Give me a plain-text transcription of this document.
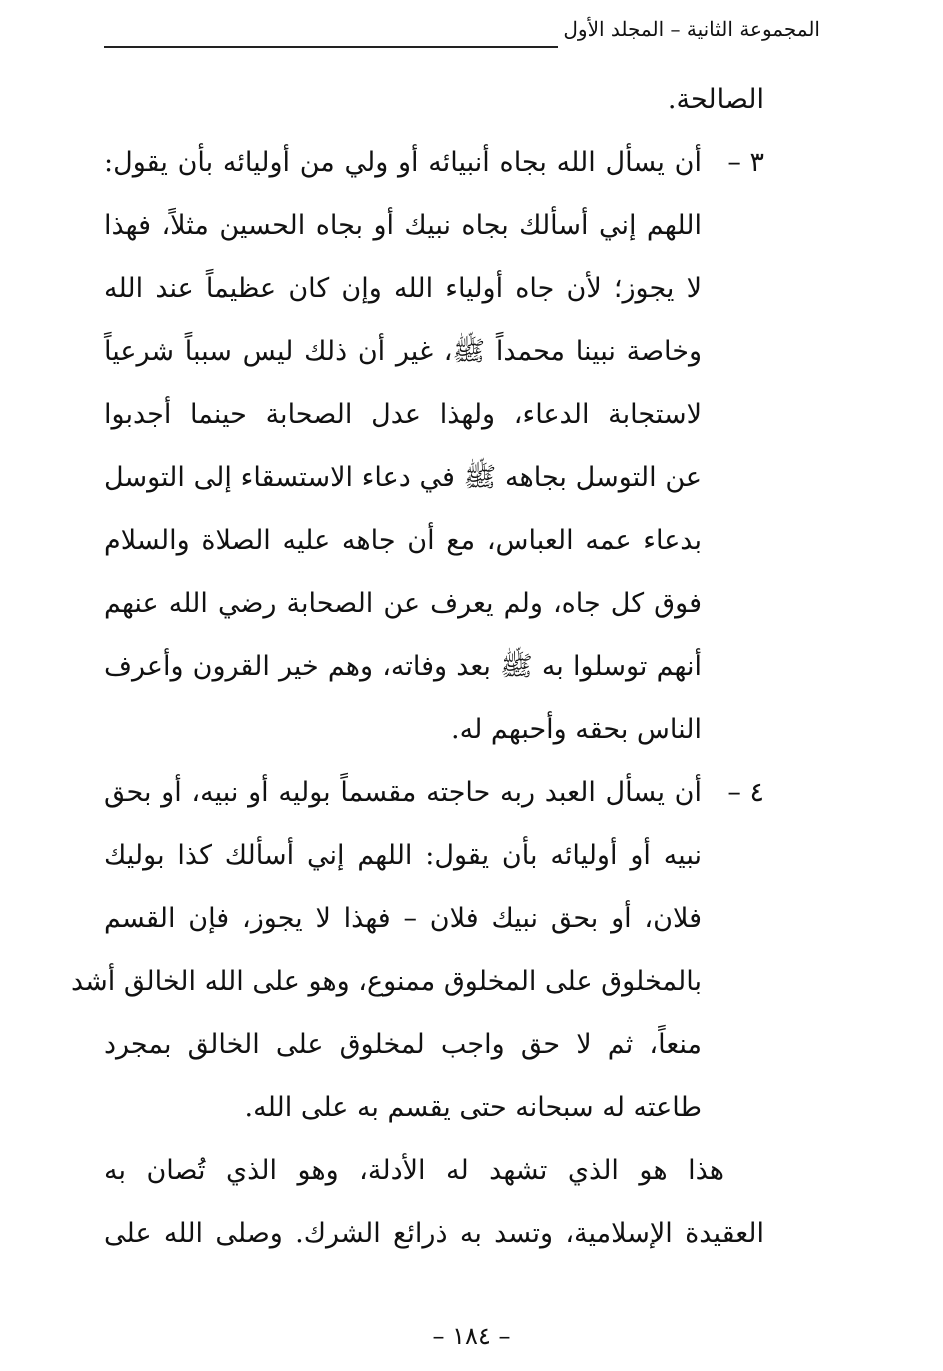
المجموعة الثانية – المجلد الأول
الصالحة.
٣ –
أن يسأل الله بجاه أنبيائه أو ولي من أوليائه بأن يقول:
اللهم إني أسألك بجاه نبيك أو بجاه الحسين مثلاً، فهذا
لا يجوز؛ لأن جاه أولياء الله وإن كان عظيماً عند الله
وخاصة نبينا محمداً ﷺ، غير أن ذلك ليس سبباً شرعياً
لاستجابة الدعاء، ولهذا عدل الصحابة حينما أجدبوا
عن التوسل بجاهه ﷺ في دعاء الاستسقاء إلى التوسل
بدعاء عمه العباس، مع أن جاهه عليه الصلاة والسلام
فوق كل جاه، ولم يعرف عن الصحابة رضي الله عنهم
أنهم توسلوا به ﷺ بعد وفاته، وهم خير القرون وأعرف
الناس بحقه وأحبهم له.
٤ –
أن يسأل العبد ربه حاجته مقسماً بوليه أو نبيه، أو بحق
نبيه أو أوليائه بأن يقول: اللهم إني أسألك كذا بوليك
فلان، أو بحق نبيك فلان – فهذا لا يجوز، فإن القسم
بالمخلوق على المخلوق ممنوع، وهو على الله الخالق أشد
منعاً، ثم لا حق واجب لمخلوق على الخالق بمجرد
طاعته له سبحانه حتى يقسم به على الله.
هذا هو الذي تشهد له الأدلة، وهو الذي تُصان به
العقيدة الإسلامية، وتسد به ذرائع الشرك. وصلى الله على
– ١٨٤ –
